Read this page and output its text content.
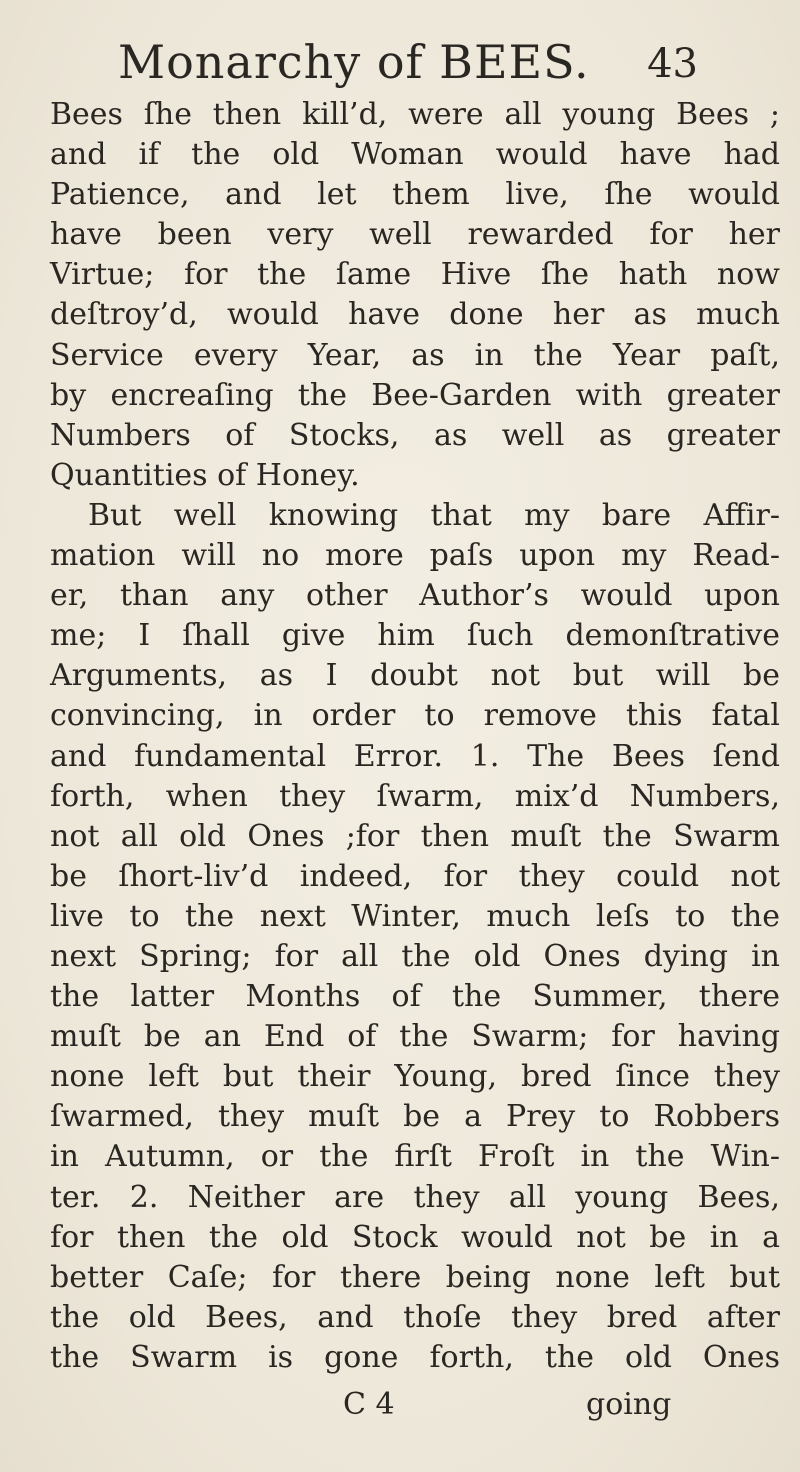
Monarchy of BEES. 43
Bees ſhe then kill’d, were all young Bees ;
and if the old Woman would have had
Patience, and let them live, ſhe would
have been very well rewarded for her
Virtue; for the ſame Hive ſhe hath now
deſtroy’d, would have done her as much
Service every Year, as in the Year paſt,
by encreaſing the Bee-Garden with greater
Numbers of Stocks, as well as greater
Quantities of Honey.
But well knowing that my bare Affir-
mation will no more paſs upon my Read-
er, than any other Author’s would upon
me; I ſhall give him ſuch demonſtrative
Arguments, as I doubt not but will be
convincing, in order to remove this fatal
and fundamental Error. 1. The Bees ſend
forth, when they ſwarm, mix’d Numbers,
not all old Ones ;for then muſt the Swarm
be ſhort-liv’d indeed, for they could not
live to the next Winter, much leſs to the
next Spring; for all the old Ones dying in
the latter Months of the Summer, there
muſt be an End of the Swarm; for having
none left but their Young, bred ſince they
ſwarmed, they muſt be a Prey to Robbers
in Autumn, or the firſt Froſt in the Win-
ter. 2. Neither are they all young Bees,
for then the old Stock would not be in a
better Caſe; for there being none left but
the old Bees, and thoſe they bred after
the Swarm is gone forth, the old Ones
C 4	going
